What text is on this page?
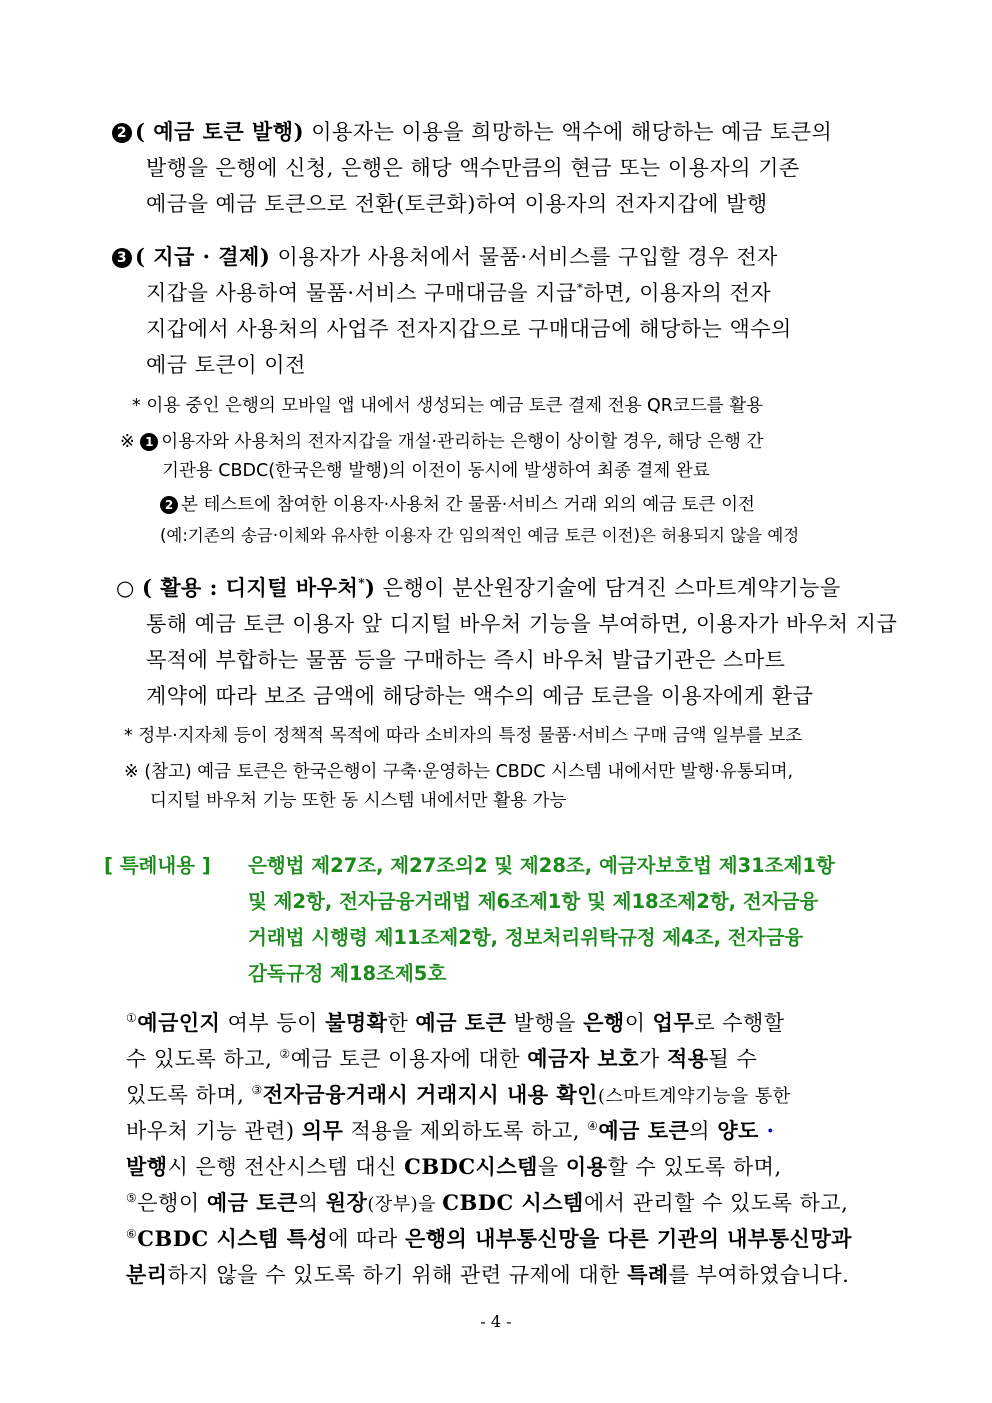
2 ( 예금 토큰 발행) 이용자는 이용을 희망하는 액수에 해당하는 예금 토큰의
발행을 은행에 신청, 은행은 해당 액수만큼의 현금 또는 이용자의 기존
예금을 예금 토큰으로 전환(토큰화)하여 이용자의 전자지갑에 발행
3 ( 지급 · 결제) 이용자가 사용처에서 물품·서비스를 구입할 경우 전자
지갑을 사용하여 물품·서비스 구매대금을 지급*하면, 이용자의 전자
지갑에서 사용처의 사업주 전자지갑으로 구매대금에 해당하는 액수의
예금 토큰이 이전
* 이용 중인 은행의 모바일 앱 내에서 생성되는 예금 토큰 결제 전용 QR코드를 활용
※ 1 이용자와 사용처의 전자지갑을 개설·관리하는 은행이 상이할 경우, 해당 은행 간
기관용 CBDC(한국은행 발행)의 이전이 동시에 발생하여 최종 결제 완료
2 본 테스트에 참여한 이용자·사용처 간 물품·서비스 거래 외의 예금 토큰 이전
(예:기존의 송금·이체와 유사한 이용자 간 임의적인 예금 토큰 이전)은 허용되지 않을 예정
○ ( 활용 : 디지털 바우처*) 은행이 분산원장기술에 담겨진 스마트계약기능을
통해 예금 토큰 이용자 앞 디지털 바우처 기능을 부여하면, 이용자가 바우처 지급
목적에 부합하는 물품 등을 구매하는 즉시 바우처 발급기관은 스마트
계약에 따라 보조 금액에 해당하는 액수의 예금 토큰을 이용자에게 환급
* 정부·지자체 등이 정책적 목적에 따라 소비자의 특정 물품·서비스 구매 금액 일부를 보조
※ (참고) 예금 토큰은 한국은행이 구축·운영하는 CBDC 시스템 내에서만 발행·유통되며,
디지털 바우처 기능 또한 동 시스템 내에서만 활용 가능
[ 특례내용 ] 은행법 제27조, 제27조의2 및 제28조, 예금자보호법 제31조제1항
및 제2항, 전자금융거래법 제6조제1항 및 제18조제2항, 전자금융
거래법 시행령 제11조제2항, 정보처리위탁규정 제4조, 전자금융
감독규정 제18조제5호
①예금인지 여부 등이 불명확한 예금 토큰 발행을 은행이 업무로 수행할
수 있도록 하고, ②예금 토큰 이용자에 대한 예금자 보호가 적용될 수
있도록 하며, ③전자금융거래시 거래지시 내용 확인(스마트계약기능을 통한
바우처 기능 관련) 의무 적용을 제외하도록 하고, ④예금 토큰의 양도 ·
발행시 은행 전산시스템 대신 CBDC시스템을 이용할 수 있도록 하며,
⑤은행이 예금 토큰의 원장(장부)을 CBDC 시스템에서 관리할 수 있도록 하고,
⑥CBDC 시스템 특성에 따라 은행의 내부통신망을 다른 기관의 내부통신망과
분리하지 않을 수 있도록 하기 위해 관련 규제에 대한 특례를 부여하였습니다.
- 4 -
